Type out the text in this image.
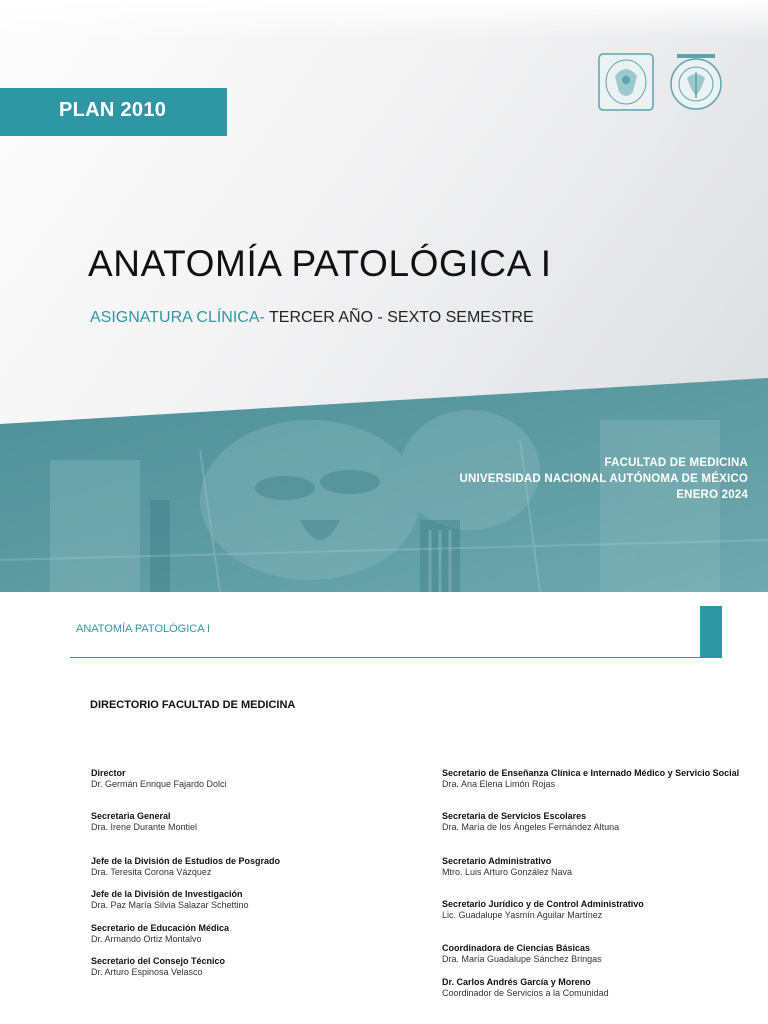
PLAN 2010
ANATOMÍA PATOLÓGICA I
ASIGNATURA CLÍNICA- TERCER AÑO - SEXTO SEMESTRE
FACULTAD DE MEDICINA
UNIVERSIDAD NACIONAL AUTÓNOMA DE MÉXICO
ENERO 2024
ANATOMÍA PATOLÓGICA I
DIRECTORIO FACULTAD DE MEDICINA
Director
Dr. Germán Enrique Fajardo Dolci
Secretaria General
Dra. Irene Durante Montiel
Jefe de la División de Estudios de Posgrado
Dra. Teresita Corona Vázquez
Jefe de la División de Investigación
Dra. Paz María Silvia Salazar Schettino
Secretario de Educación Médica
Dr. Armando Ortiz Montalvo
Secretario del Consejo Técnico
Dr. Arturo Espinosa Velasco
Secretario de Enseñanza Clínica e Internado Médico y Servicio Social
Dra. Ana Elena Limón Rojas
Secretaria de Servicios Escolares
Dra. María de los Ángeles Fernández Altuna
Secretario Administrativo
Mtro. Luis Arturo González Nava
Secretario Jurídico y de Control Administrativo
Lic. Guadalupe Yasmín Aguilar Martínez
Coordinadora de Ciencias Básicas
Dra. María Guadalupe Sánchez Bringas
Dr. Carlos Andrés García y Moreno
Coordinador de Servicios a la Comunidad
